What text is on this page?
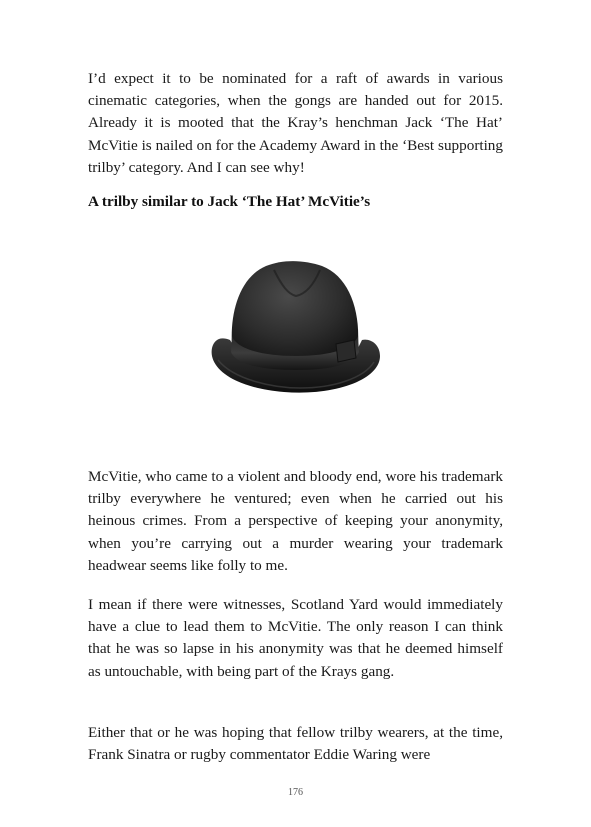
I’d expect it to be nominated for a raft of awards in various cinematic categories, when the gongs are handed out for 2015. Already it is mooted that the Kray’s henchman Jack ‘The Hat’ McVitie is nailed on for the Academy Award in the ‘Best supporting trilby’ category. And I can see why!

A trilby similar to Jack ‘The Hat’ McVitie’s

McVitie, who came to a violent and bloody end, wore his trademark trilby everywhere he ventured; even when he carried out his heinous crimes. From a perspective of keeping your anonymity, when you’re carrying out a murder wearing your trademark headwear seems like folly to me.

I mean if there were witnesses, Scotland Yard would immediately have a clue to lead them to McVitie. The only reason I can think that he was so lapse in his anonymity was that he deemed himself as untouchable, with being part of the Krays gang.

Either that or he was hoping that fellow trilby wearers, at the time, Frank Sinatra or rugby commentator Eddie Waring were

176
